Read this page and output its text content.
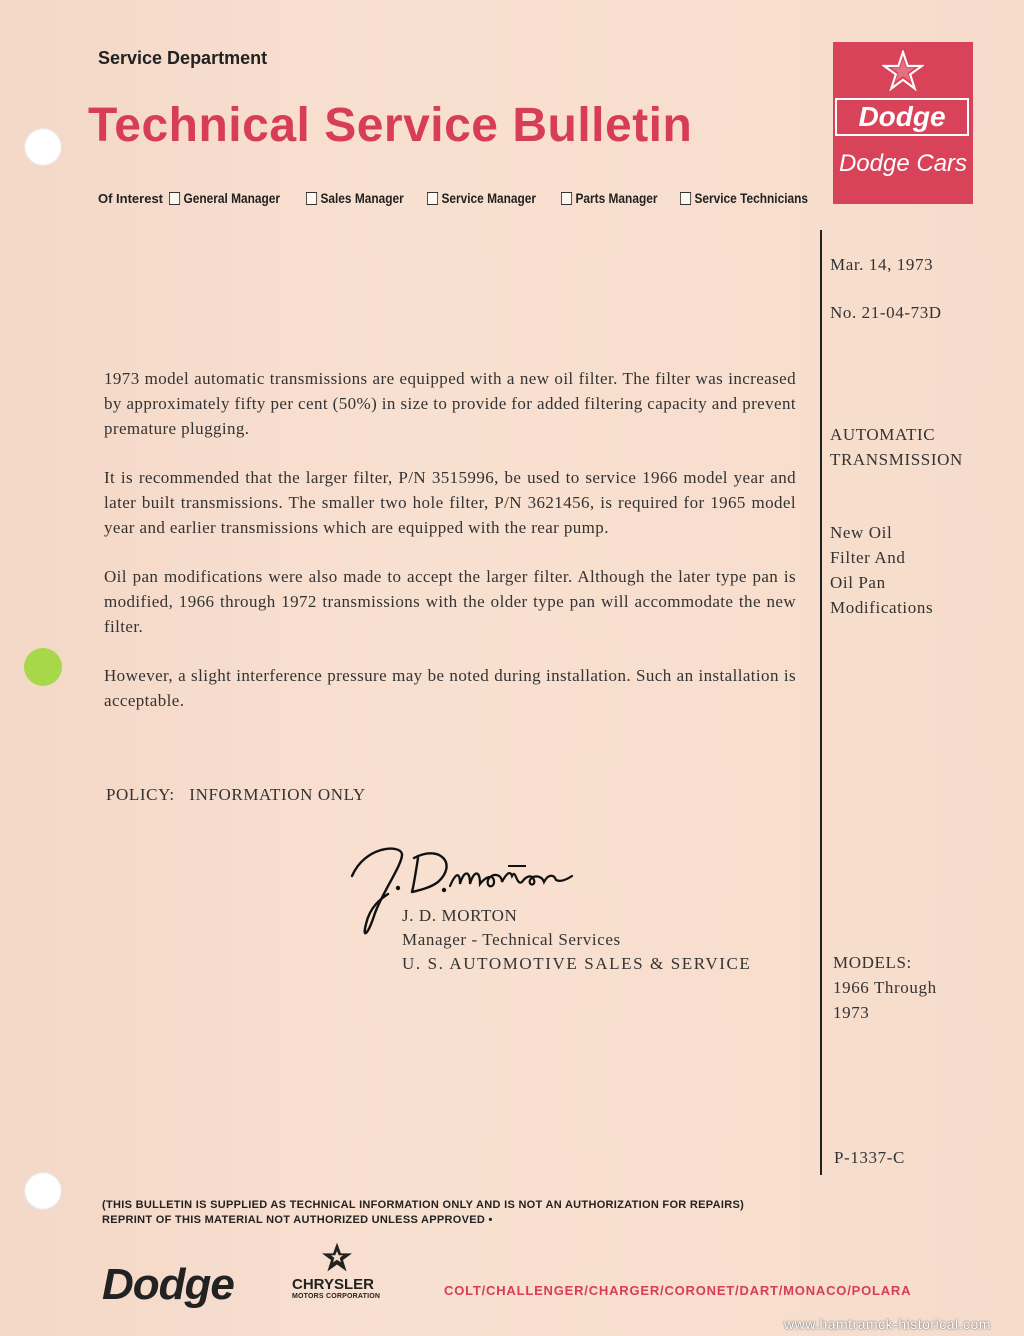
Service Department
Technical Service Bulletin
Of Interest General Manager	Sales Manager	Service Manager	Parts Manager	Service Technicians
Dodge
Dodge Cars
Mar. 14, 1973
No. 21-04-73D
AUTOMATIC
TRANSMISSION
New Oil
Filter And
Oil Pan
Modifications
MODELS:
1966 Through
1973
P-1337-C

1973 model automatic transmissions are equipped with a new oil filter. The filter was increased by approximately fifty per cent (50%) in size to provide for added filtering capacity and prevent premature plugging.

It is recommended that the larger filter, P/N 3515996, be used to service 1966 model year and later built transmissions. The smaller two hole filter, P/N 3621456, is required for 1965 model year and earlier transmissions which are equipped with the rear pump.

Oil pan modifications were also made to accept the larger filter. Although the later type pan is modified, 1966 through 1972 transmissions with the older type pan will accommodate the new filter.

However, a slight interference pressure may be noted during installation. Such an installation is acceptable.

POLICY:   INFORMATION ONLY
J. D. MORTON
Manager - Technical Services
U. S. AUTOMOTIVE SALES & SERVICE
(THIS BULLETIN IS SUPPLIED AS TECHNICAL INFORMATION ONLY AND IS NOT AN AUTHORIZATION FOR REPAIRS)
REPRINT OF THIS MATERIAL NOT AUTHORIZED UNLESS APPROVED •
Dodge	CHRYSLER
MOTORS CORPORATION	COLT/CHALLENGER/CHARGER/CORONET/DART/MONACO/POLARA
www.hamtramck-historical.com
